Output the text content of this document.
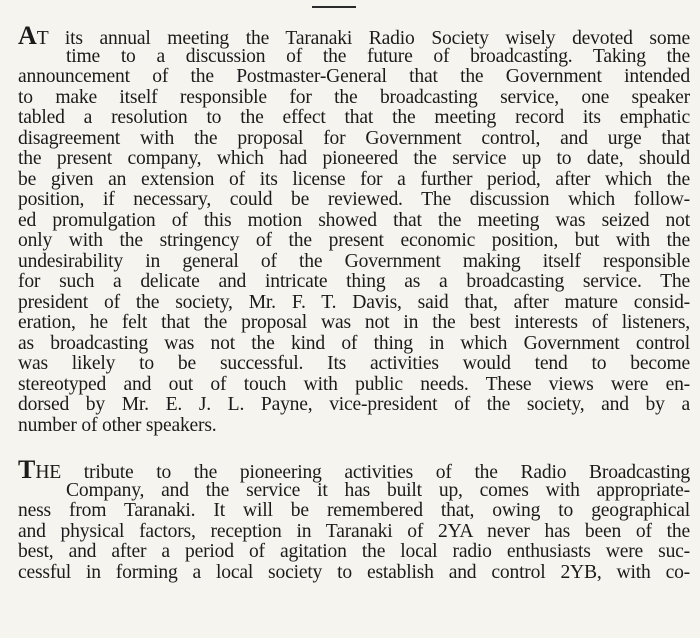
AT its annual meeting the Taranaki Radio Society wisely devoted some
time to a discussion of the future of broadcasting. Taking the
announcement of the Postmaster-General that the Government intended
to make itself responsible for the broadcasting service, one speaker
tabled a resolution to the effect that the meeting record its emphatic
disagreement with the proposal for Government control, and urge that
the present company, which had pioneered the service up to date, should
be given an extension of its license for a further period, after which the
position, if necessary, could be reviewed. The discussion which follow-
ed promulgation of this motion showed that the meeting was seized not
only with the stringency of the present economic position, but with the
undesirability in general of the Government making itself responsible
for such a delicate and intricate thing as a broadcasting service. The
president of the society, Mr. F. T. Davis, said that, after mature consid-
eration, he felt that the proposal was not in the best interests of listeners,
as broadcasting was not the kind of thing in which Government control
was likely to be successful. Its activities would tend to become
stereotyped and out of touch with public needs. These views were en-
dorsed by Mr. E. J. L. Payne, vice-president of the society, and by a
number of other speakers.
THE tribute to the pioneering activities of the Radio Broadcasting
Company, and the service it has built up, comes with appropriate-
ness from Taranaki. It will be remembered that, owing to geographical
and physical factors, reception in Taranaki of 2YA never has been of the
best, and after a period of agitation the local radio enthusiasts were suc-
cessful in forming a local society to establish and control 2YB, with co-
